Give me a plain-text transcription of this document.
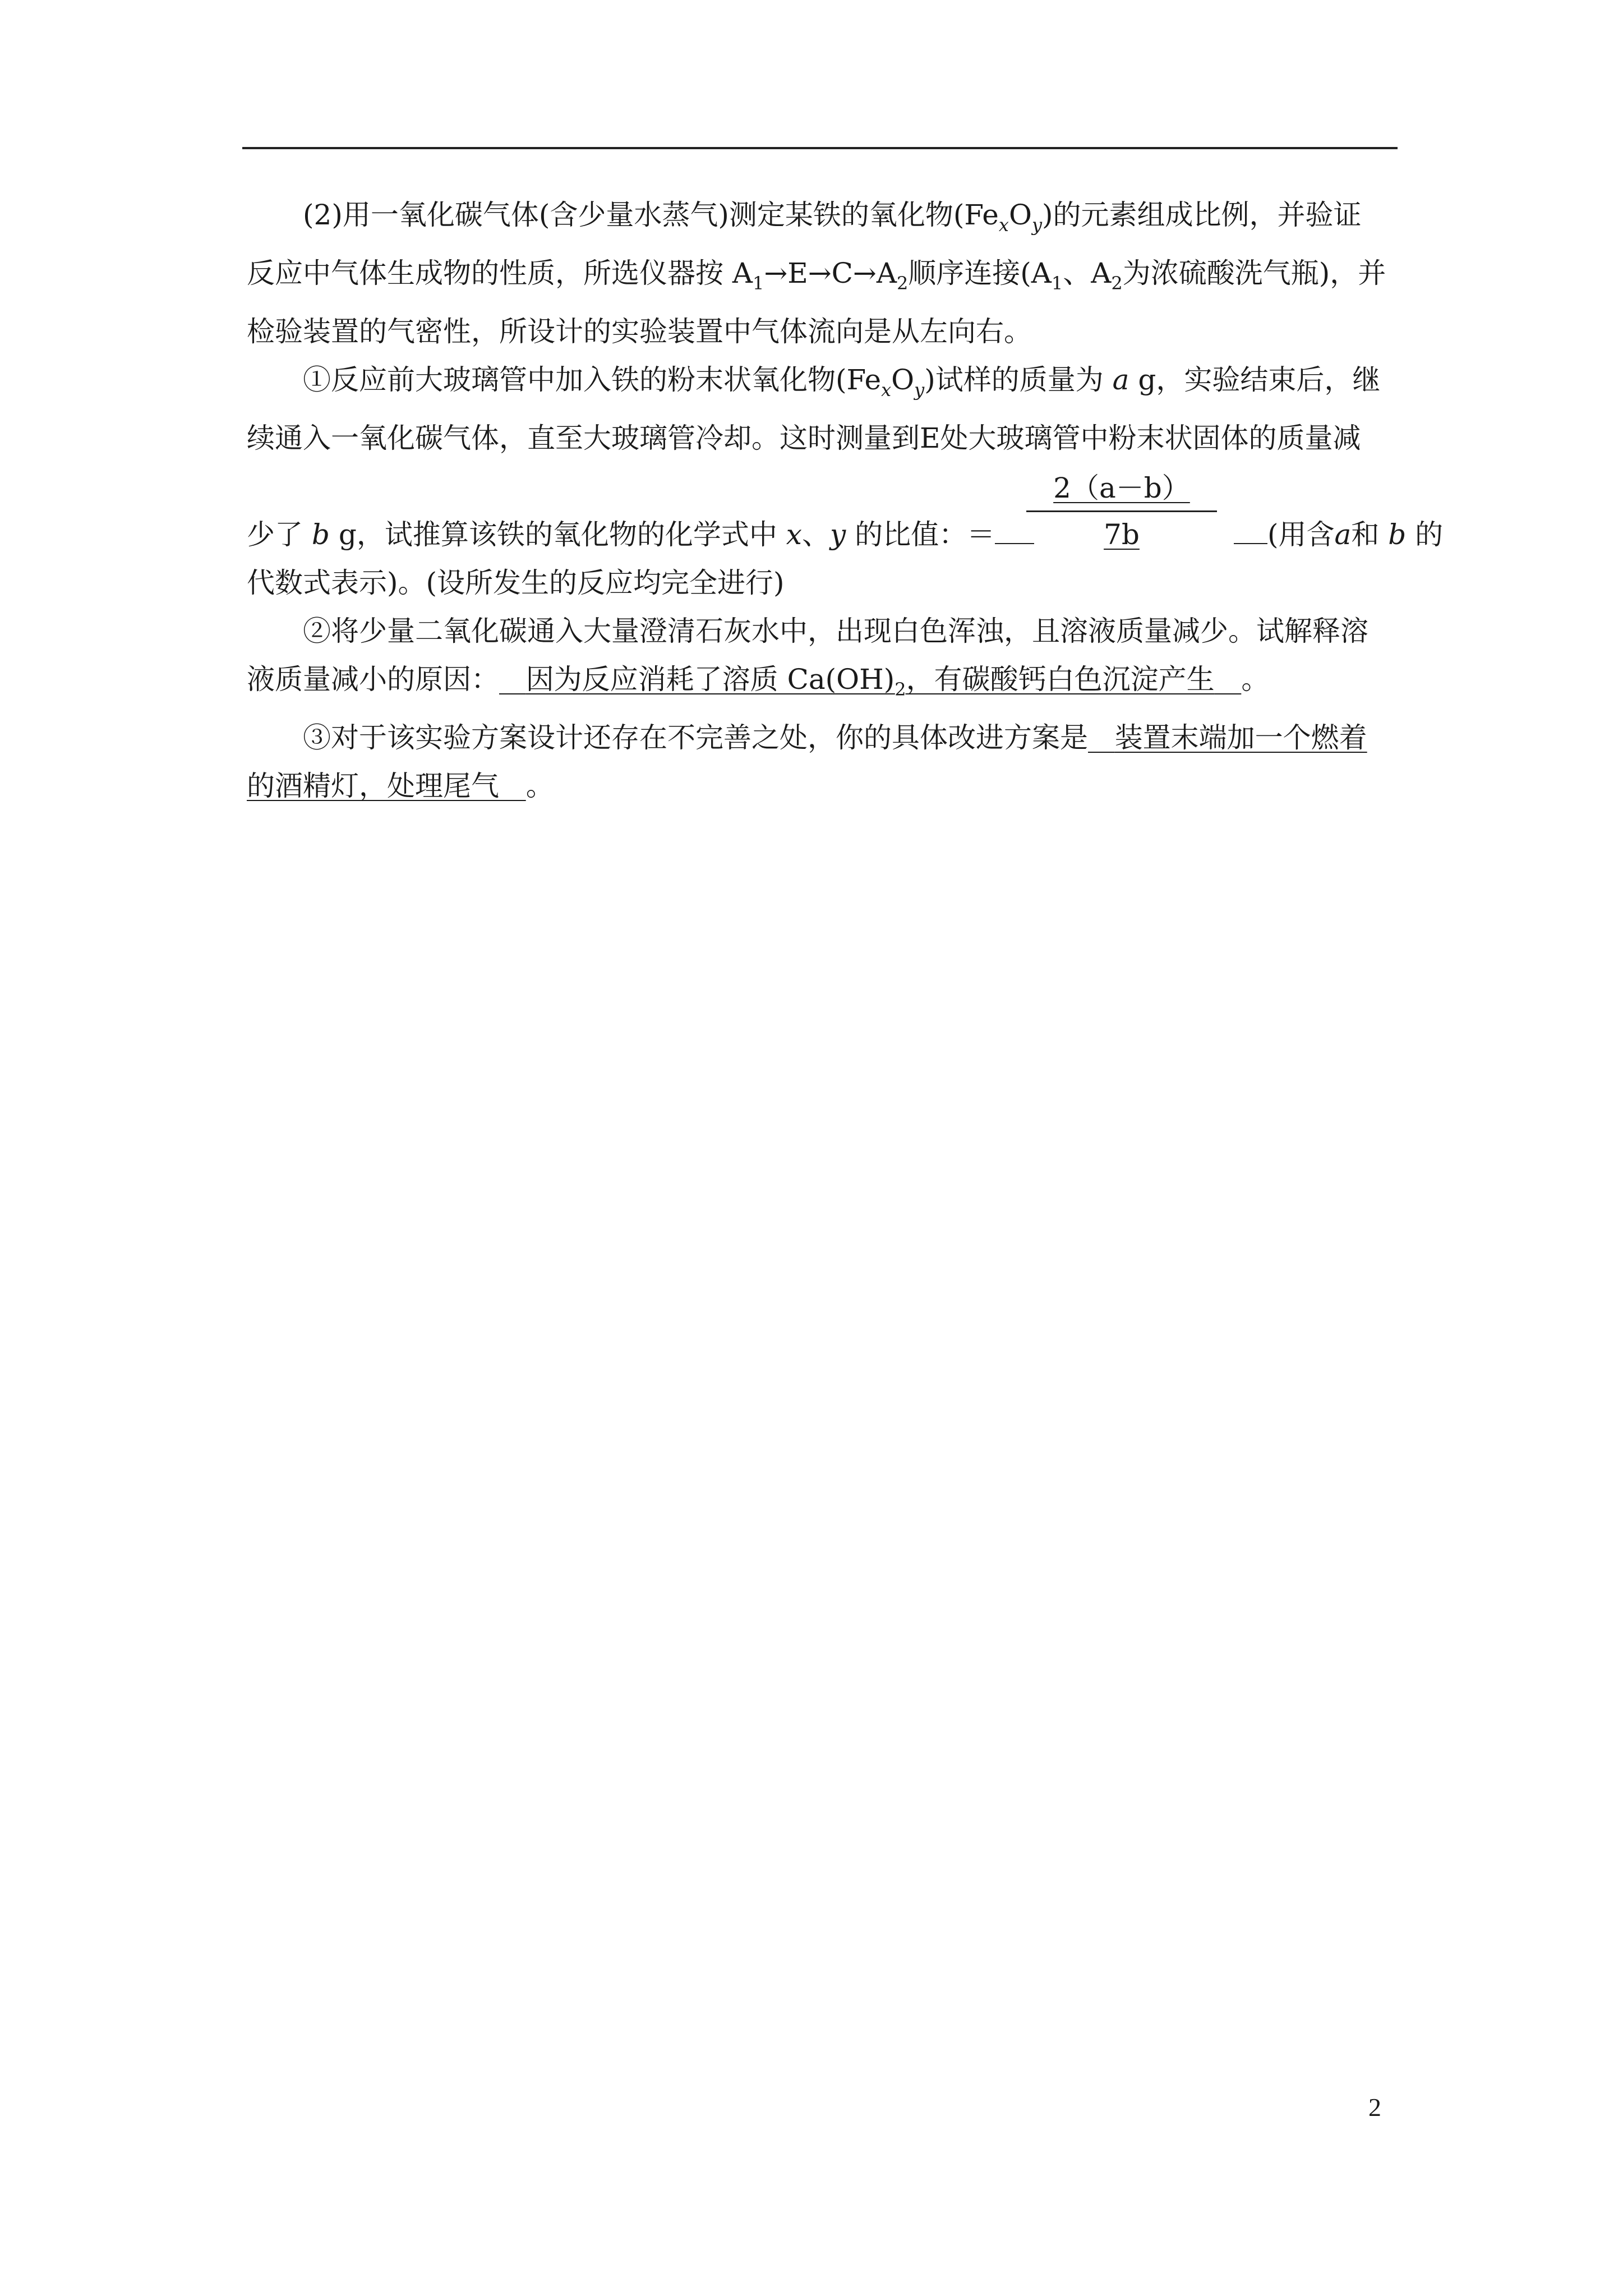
(2)用一氧化碳气体(含少量水蒸气)测定某铁的氧化物$(Fe_xO_y)$的元素组成比例，并验证
反应中气体生成物的性质，所选仪器按 $A_1\to E\to C\to A_2$顺序连接($A_1$、$A_2$为浓硫酸洗气瓶)，并
检验装置的气密性，所设计的实验装置中气体流向是从左向右。
①反应前大玻璃管中加入铁的粉末状氧化物$(Fe_xO_y)$试样的质量为 a g，实验结束后，继
续通入一氧化碳气体，直至大玻璃管冷却。这时测量到E处大玻璃管中粉末状固体的质量减
少了 b g，试推算该铁的氧化物的化学式中 x、y 的比值：＝	$\frac{2(a-b)}{7b}$	(用含a和 b 的
代数式表示)。(设所发生的反应均完全进行)
②将少量二氧化碳通入大量澄清石灰水中，出现白色浑浊，且溶液质量减少。试解释溶
液质量减小的原因： 因为反应消耗了溶质 $Ca(OH)_2$，有碳酸钙白色沉淀产生 。
③对于该实验方案设计还存在不完善之处，你的具体改进方案是 装置末端加一个燃着
的酒精灯，处理尾气 。
2
